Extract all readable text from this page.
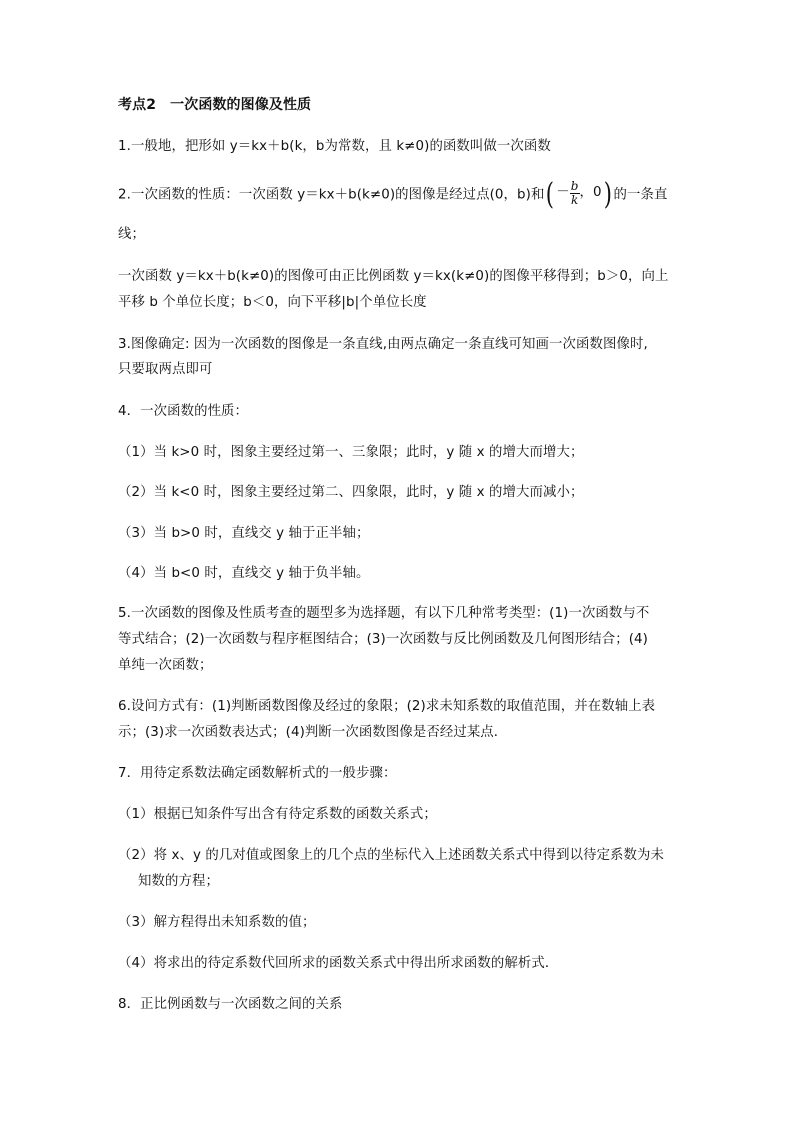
考点2　一次函数的图像及性质
1.一般地，把形如 y＝kx＋b(k，b为常数，且 k≠0)的函数叫做一次函数
2.一次函数的性质：一次函数 y＝kx＋b(k≠0)的图像是经过点(0，b)和( － $\frac{b}{k}$ ，0) 的一条直
线；
一次函数 y＝kx＋b(k≠0)的图像可由正比例函数 y＝kx(k≠0)的图像平移得到；b＞0，向上
平移 b 个单位长度；b＜0，向下平移|b|个单位长度
3.图像确定: 因为一次函数的图像是一条直线,由两点确定一条直线可知画一次函数图像时,
只要取两点即可
4．一次函数的性质：
（1）当 k>0 时，图象主要经过第一、三象限；此时，y 随 x 的增大而增大；
（2）当 k<0 时，图象主要经过第二、四象限，此时，y 随 x 的增大而减小；
（3）当 b>0 时，直线交 y 轴于正半轴；
（4）当 b<0 时，直线交 y 轴于负半轴。
5.一次函数的图像及性质考查的题型多为选择题，有以下几种常考类型：(1)一次函数与不
等式结合；(2)一次函数与程序框图结合；(3)一次函数与反比例函数及几何图形结合；(4)
单纯一次函数；
6.设问方式有：(1)判断函数图像及经过的象限；(2)求未知系数的取值范围，并在数轴上表
示；(3)求一次函数表达式；(4)判断一次函数图像是否经过某点．
7．用待定系数法确定函数解析式的一般步骤：
（1）根据已知条件写出含有待定系数的函数关系式；
（2）将 x、y 的几对值或图象上的几个点的坐标代入上述函数关系式中得到以待定系数为未
知数的方程；
（3）解方程得出未知系数的值；
（4）将求出的待定系数代回所求的函数关系式中得出所求函数的解析式．
8．正比例函数与一次函数之间的关系
